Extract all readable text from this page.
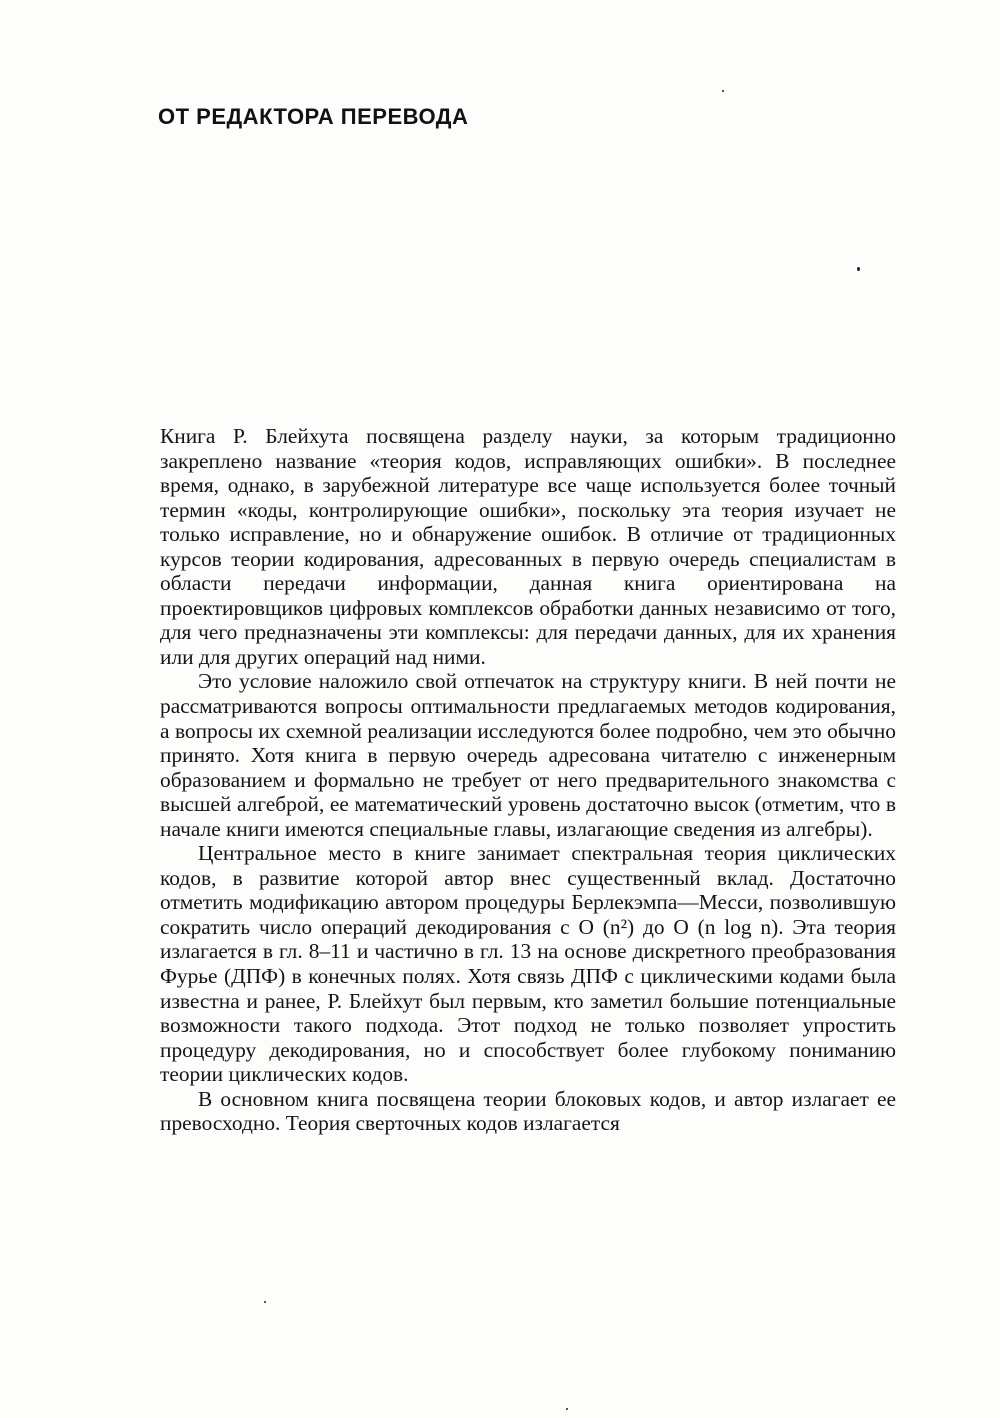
ОТ РЕДАКТОРА ПЕРЕВОДА

Книга Р. Блейхута посвящена разделу науки, за которым традиционно закреплено название «теория кодов, исправляющих ошибки». В последнее время, однако, в зарубежной литературе все чаще используется более точный термин «коды, контролирующие ошибки», поскольку эта теория изучает не только исправление, но и обнаружение ошибок. В отличие от традиционных курсов теории кодирования, адресованных в первую очередь специалистам в области передачи информации, данная книга ориентирована на проектировщиков цифровых комплексов обработки данных независимо от того, для чего предназначены эти комплексы: для передачи данных, для их хранения или для других операций над ними.

Это условие наложило свой отпечаток на структуру книги. В ней почти не рассматриваются вопросы оптимальности предлагаемых методов кодирования, а вопросы их схемной реализации исследуются более подробно, чем это обычно принято. Хотя книга в первую очередь адресована читателю с инженерным образованием и формально не требует от него предварительного знакомства с высшей алгеброй, ее математический уровень достаточно высок (отметим, что в начале книги имеются специальные главы, излагающие сведения из алгебры).

Центральное место в книге занимает спектральная теория циклических кодов, в развитие которой автор внес существенный вклад. Достаточно отметить модификацию автором процедуры Берлекэмпа—Месси, позволившую сократить число операций декодирования с O (n²) до O (n log n). Эта теория излагается в гл. 8–11 и частично в гл. 13 на основе дискретного преобразования Фурье (ДПФ) в конечных полях. Хотя связь ДПФ с циклическими кодами была известна и ранее, Р. Блейхут был первым, кто заметил большие потенциальные возможности такого подхода. Этот подход не только позволяет упростить процедуру декодирования, но и способствует более глубокому пониманию теории циклических кодов.

В основном книга посвящена теории блоковых кодов, и автор излагает ее превосходно. Теория сверточных кодов излагается
